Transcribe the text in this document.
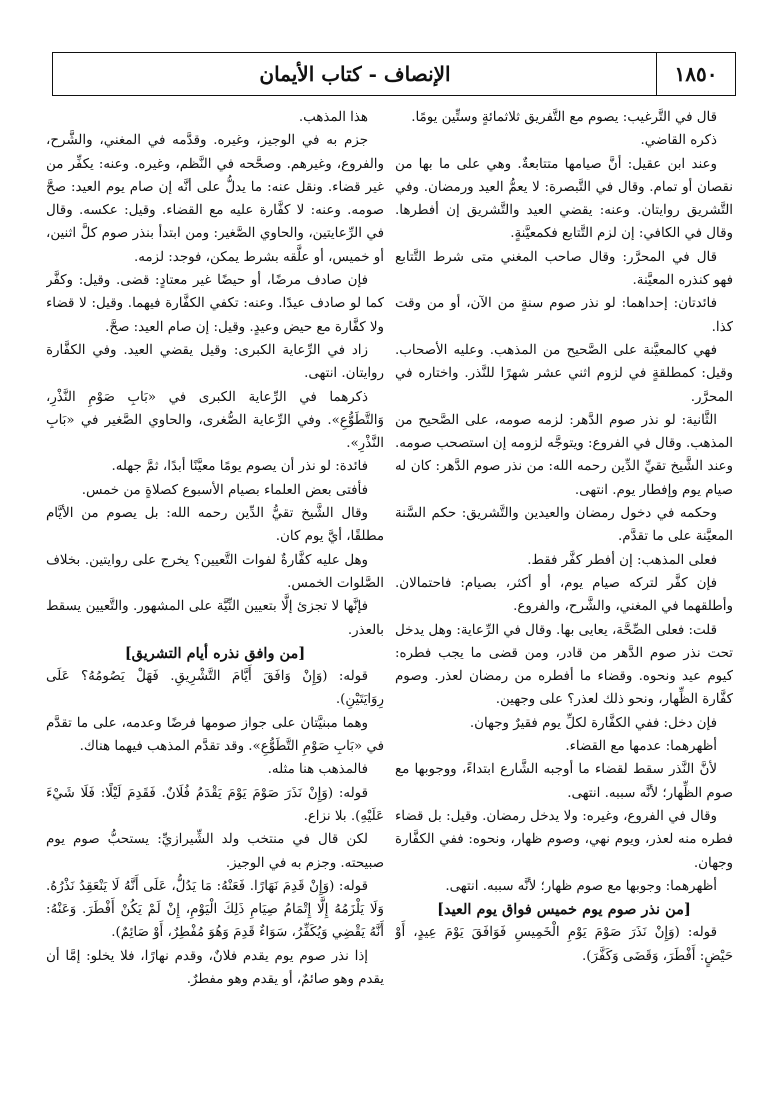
١٨٥٠
الإنصاف - كتاب الأيمان

قال في التَّرغيب: يصوم مع التَّفريق ثلاثمائةٍ وستِّين يومًا.

ذكره القاضي.

وعند ابن عقيل: أنَّ صيامها متتابعةٌ. وهي على ما بها من نقصان أو تمام. وقال في التَّبصرة: لا يعمُّ العيد ورمضان. وفي التَّشريق روايتان. وعنه: يقضي العيد والتَّشريق إن أفطرها. وقال في الكافي: إن لزم التَّتابع فكمعيَّنةٍ.

قال في المحرَّر: وقال صاحب المغني متى شرط التَّتابع فهو كنذره المعيَّنة.

فائدتان: إحداهما: لو نذر صوم سنةٍ من الآن، أو من وقت كذا.

فهي كالمعيَّنة على الصَّحيح من المذهب. وعليه الأصحاب. وقيل: كمطلقةٍ في لزوم اثني عشر شهرًا للنَّذر. واختاره في المحرَّر.

الثَّانية: لو نذر صوم الدَّهر: لزمه صومه، على الصَّحيح من المذهب. وقال في الفروع: ويتوجَّه لزومه إن استصحب صومه. وعند الشَّيخ تقيِّ الدِّين رحمه الله: من نذر صوم الدَّهر: كان له صيام يوم وإفطار يوم. انتهى.

وحكمه في دخول رمضان والعيدين والتَّشريق: حكم السَّنة المعيَّنة على ما تقدَّم.

فعلى المذهب: إن أفطر كفَّر فقط.

فإن كفَّر لتركه صيام يوم، أو أكثر، بصيام: فاحتمالان. وأطلقهما في المغني، والشَّرح، والفروع.

قلت: فعلى الصِّحَّة، يعايى بها. وقال في الرِّعاية: وهل يدخل تحت نذر صوم الدَّهر من قادر، ومن قضى ما يجب فطره: كيوم عيد ونحوه. وقضاء ما أفطره من رمضان لعذر. وصوم كفَّارة الظِّهار، ونحو ذلك لعذر؟ على وجهين.

فإن دخل: ففي الكفَّارة لكلِّ يوم فقيرٌ وجهان.

أظهرهما: عدمها مع القضاء.

لأنَّ النَّذر سقط لقضاء ما أوجبه الشَّارع ابتداءً، ووجوبها مع صوم الظِّهار؛ لأنَّه سببه. انتهى.

وقال في الفروع، وغيره: ولا يدخل رمضان. وقيل: بل قضاء فطره منه لعذر، ويوم نهي، وصوم ظهار، ونحوه: ففي الكفَّارة وجهان.

أظهرهما: وجوبها مع صوم ظهار؛ لأنَّه سببه. انتهى.

[من نذر صوم يوم خميس فواق يوم العيد]

قوله: (وَإِنْ نَذَرَ صَوْمَ يَوْمِ الْخَمِيسِ فَوَافَقَ يَوْمَ عِيدٍ، أَوْ حَيْضٍ: أَفْطَرَ، وَقَضَى وَكَفَّرَ).

هذا المذهب.

جزم به في الوجيز، وغيره. وقدَّمه في المغني، والشَّرح، والفروع، وغيرهم. وصحَّحه في النَّظم، وغيره. وعنه: يكفِّر من غير قضاء. ونقل عنه: ما يدلُّ على أنَّه إن صام يوم العيد: صحَّ صومه. وعنه: لا كفَّارة عليه مع القضاء. وقيل: عكسه. وقال في الرِّعايتين، والحاوي الصَّغير: ومن ابتدأ بنذر صوم كلَّ اثنين، أو خميس، أو علَّقه بشرط يمكن، فوجد: لزمه.

فإن صادف مرضًا، أو حيضًا غير معتادٍ: قضى. وقيل: وكفَّر كما لو صادف عيدًا. وعنه: تكفي الكفَّارة فيهما. وقيل: لا قضاء ولا كفَّارة مع حيض وعيدٍ. وقيل: إن صام العيد: صحَّ.

زاد في الرِّعاية الكبرى: وقيل يقضي العيد. وفي الكفَّارة روايتان. انتهى.

ذكرهما في الرِّعاية الكبرى في «بَابِ صَوْمِ النَّذْرِ، وَالتَّطَوُّعِ». وفي الرِّعاية الصُّغرى، والحاوي الصَّغير في «بَابِ النَّذْرِ».

فائدة: لو نذر أن يصوم يومًا معيَّنًا أبدًا، ثمَّ جهله.

فأفتى بعض العلماء بصيام الأسبوع كصلاةٍ من خمس.

وقال الشَّيخ تقيُّ الدِّين رحمه الله: بل يصوم من الأيَّام مطلقًا، أيَّ يوم كان.

وهل عليه كفَّارةٌ لفوات التَّعيين؟ يخرج على روايتين. بخلاف الصَّلوات الخمس.

فإنَّها لا تجزئ إلَّا بتعيين النِّيَّة على المشهور. والتَّعيين يسقط بالعذر.

[من وافق نذره أيام التشريق]

قوله: (وَإِنْ وَافَقَ أَيَّامَ التَّشْرِيقِ. فَهَلْ يَصُومُهُ؟ عَلَى رِوَايَتَيْنِ).

وهما مبنيَّتان على جواز صومها فرضًا وعدمه، على ما تقدَّم في «بَابِ صَوْمِ التَّطَوُّعِ». وقد تقدَّم المذهب فيهما هناك.

فالمذهب هنا مثله.

قوله: (وَإِنْ نَذَرَ صَوْمَ يَوْمَ يَقْدَمُ فُلَانٌ. فَقَدِمَ لَيْلًا: فَلَا شَيْءَ عَلَيْهِ). بلا نزاع.

لكن قال في منتخب ولد الشِّيرازيِّ: يستحبُّ صوم يوم صبيحته. وجزم به في الوجيز.

قوله: (وَإِنْ قَدِمَ نَهَارًا. فَعَنْهُ: مَا يَدُلُّ، عَلَى أَنَّهُ لَا يَنْعَقِدُ نَذْرُهُ. وَلَا يَلْزَمُهُ إِلَّا إِتْمَامُ صِيَامِ ذَلِكَ الْيَوْمِ، إِنْ لَمْ يَكُنْ أَفْطَرَ. وَعَنْهُ: أَنَّهُ يَقْضِي وَيُكَفِّرُ، سَوَاءٌ قَدِمَ وَهُوَ مُفْطِرٌ، أَوْ صَائِمٌ).

إذا نذر صوم يوم يقدم فلانٌ، وقدم نهارًا، فلا يخلو: إمَّا أن يقدم وهو صائمٌ، أو يقدم وهو مفطرٌ.
